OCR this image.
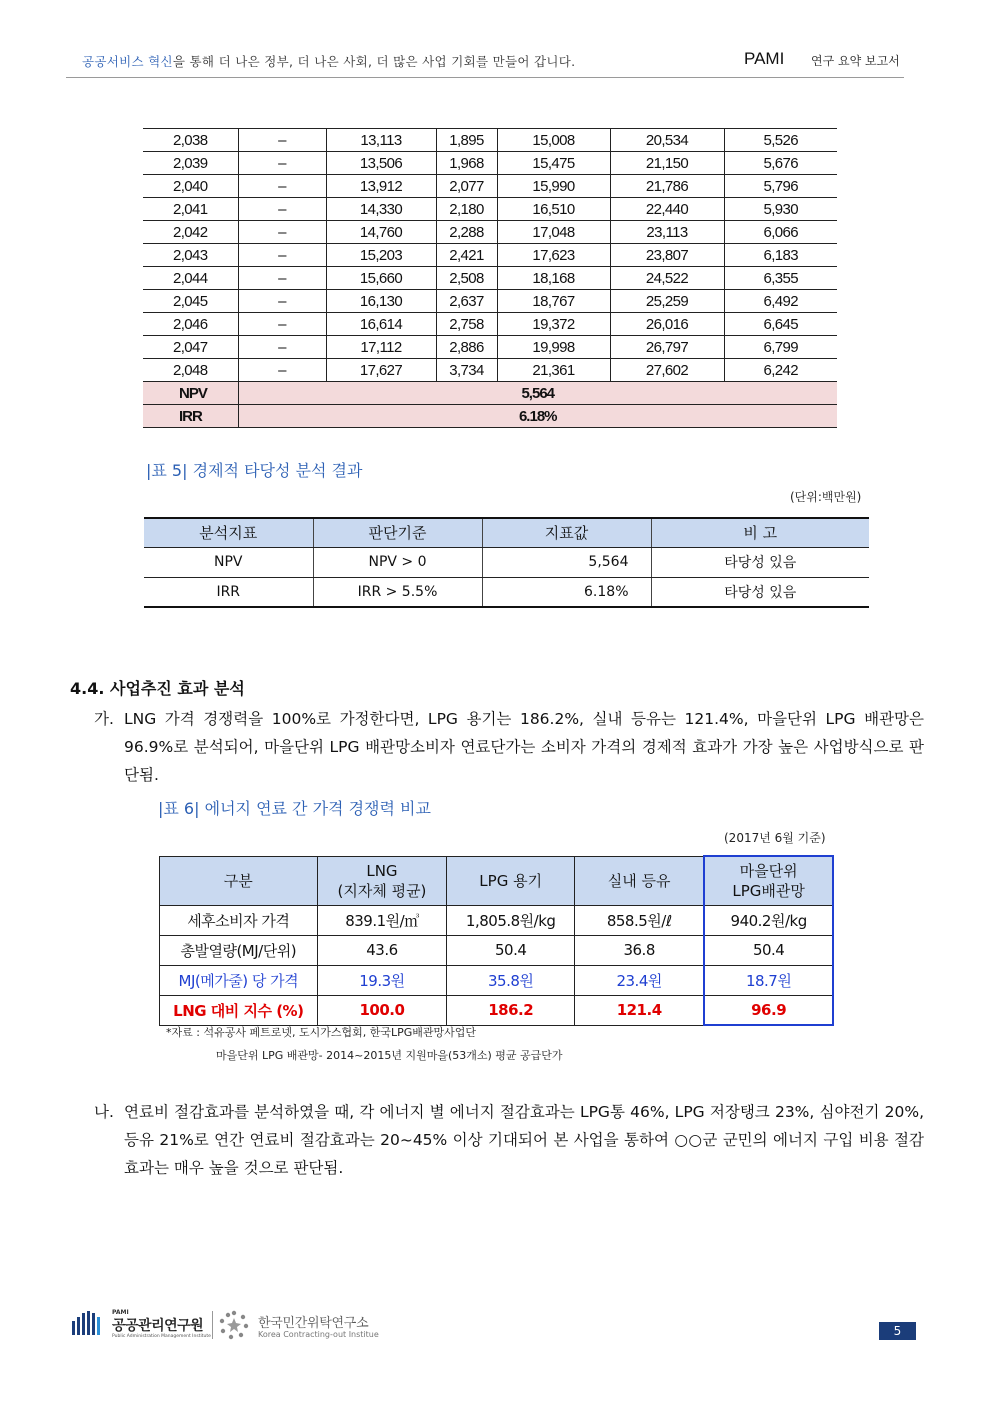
공공서비스 혁신을 통해 더 나은 정부, 더 나은 사회, 더 많은 사업 기회를 만들어 갑니다.	PAMI 연구 요약 보고서
2,038	–	13,113	1,895	15,008	20,534	5,526
2,039	–	13,506	1,968	15,475	21,150	5,676
2,040	–	13,912	2,077	15,990	21,786	5,796
2,041	–	14,330	2,180	16,510	22,440	5,930
2,042	–	14,760	2,288	17,048	23,113	6,066
2,043	–	15,203	2,421	17,623	23,807	6,183
2,044	–	15,660	2,508	18,168	24,522	6,355
2,045	–	16,130	2,637	18,767	25,259	6,492
2,046	–	16,614	2,758	19,372	26,016	6,645
2,047	–	17,112	2,886	19,998	26,797	6,799
2,048	–	17,627	3,734	21,361	27,602	6,242
NPV	5,564					
IRR	6.18%					
|표 5| 경제적 타당성 분석 결과
(단위:백만원)
분석지표	판단기준	지표값	비 고
NPV	NPV > 0	5,564	타당성 있음
IRR	IRR > 5.5%	6.18%	타당성 있음
4.4. 사업추진 효과 분석
가. LNG 가격 경쟁력을 100%로 가정한다면, LPG 용기는 186.2%, 실내 등유는 121.4%, 마을단위 LPG 배관망은 96.9%로 분석되어, 마을단위 LPG 배관망소비자 연료단가는 소비자 가격의 경제적 효과가 가장 높은 사업방식으로 판단됨.
|표 6| 에너지 연료 간 가격 경쟁력 비교
(2017년 6월 기준)
구분	LNG
(지자체 평균)	LPG 용기	실내 등유	마을단위
LPG배관망
세후소비자 가격	839.1원/㎥	1,805.8원/kg	858.5원/ℓ	940.2원/kg
총발열량(MJ/단위)	43.6	50.4	36.8	50.4
MJ(메가줄) 당 가격	19.3원	35.8원	23.4원	18.7원
LNG 대비 지수 (%)	100.0	186.2	121.4	96.9
*자료 : 석유공사 페트로넷, 도시가스협회, 한국LPG배관망사업단
마을단위 LPG 배관망- 2014~2015년 지원마을(53개소) 평균 공급단가
나. 연료비 절감효과를 분석하였을 때, 각 에너지 별 에너지 절감효과는 LPG통 46%, LPG 저장탱크 23%, 심야전기 20%, 등유 21%로 연간 연료비 절감효과는 20~45% 이상 기대되어 본 사업을 통하여 ○○군 군민의 에너지 구입 비용 절감 효과는 매우 높을 것으로 판단됨.
PAMI
공공관리연구원
Public Administration Management Institute
한국민간위탁연구소
Korea Contracting-out Institue	5
